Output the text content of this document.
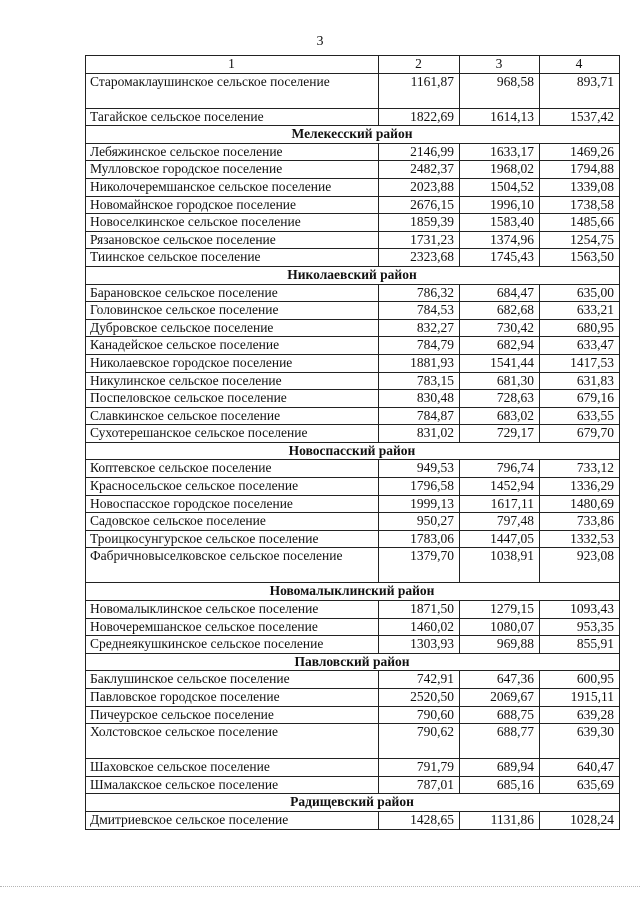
3
1	2	3	4
Старомаклаушинское сельское поселение	1161,87	968,58	893,71
Тагайское сельское поселение	1822,69	1614,13	1537,42
Мелекесский район			
Лебяжинское сельское поселение	2146,99	1633,17	1469,26
Мулловское городское поселение	2482,37	1968,02	1794,88
Николочеремшанское сельское поселение	2023,88	1504,52	1339,08
Новомайнское городское поселение	2676,15	1996,10	1738,58
Новоселкинское сельское поселение	1859,39	1583,40	1485,66
Рязановское сельское поселение	1731,23	1374,96	1254,75
Тиинское сельское поселение	2323,68	1745,43	1563,50
Николаевский район			
Барановское сельское поселение	786,32	684,47	635,00
Головинское сельское поселение	784,53	682,68	633,21
Дубровское сельское поселение	832,27	730,42	680,95
Канадейское сельское поселение	784,79	682,94	633,47
Николаевское городское поселение	1881,93	1541,44	1417,53
Никулинское сельское поселение	783,15	681,30	631,83
Поспеловское сельское поселение	830,48	728,63	679,16
Славкинское сельское поселение	784,87	683,02	633,55
Сухотерешанское сельское поселение	831,02	729,17	679,70
Новоспасский район			
Коптевское сельское поселение	949,53	796,74	733,12
Красносельское сельское поселение	1796,58	1452,94	1336,29
Новоспасское городское поселение	1999,13	1617,11	1480,69
Садовское сельское поселение	950,27	797,48	733,86
Троицкосунгурское сельское поселение	1783,06	1447,05	1332,53
Фабричновыселковское сельское поселение	1379,70	1038,91	923,08
Новомалыклинский район			
Новомалыклинское сельское поселение	1871,50	1279,15	1093,43
Новочеремшанское сельское поселение	1460,02	1080,07	953,35
Среднеякушкинское сельское поселение	1303,93	969,88	855,91
Павловский район			
Баклушинское сельское поселение	742,91	647,36	600,95
Павловское городское поселение	2520,50	2069,67	1915,11
Пичеурское сельское поселение	790,60	688,75	639,28
Холстовское сельское поселение	790,62	688,77	639,30
Шаховское сельское поселение	791,79	689,94	640,47
Шмалакское сельское поселение	787,01	685,16	635,69
Радищевский район			
Дмитриевское сельское поселение	1428,65	1131,86	1028,24
